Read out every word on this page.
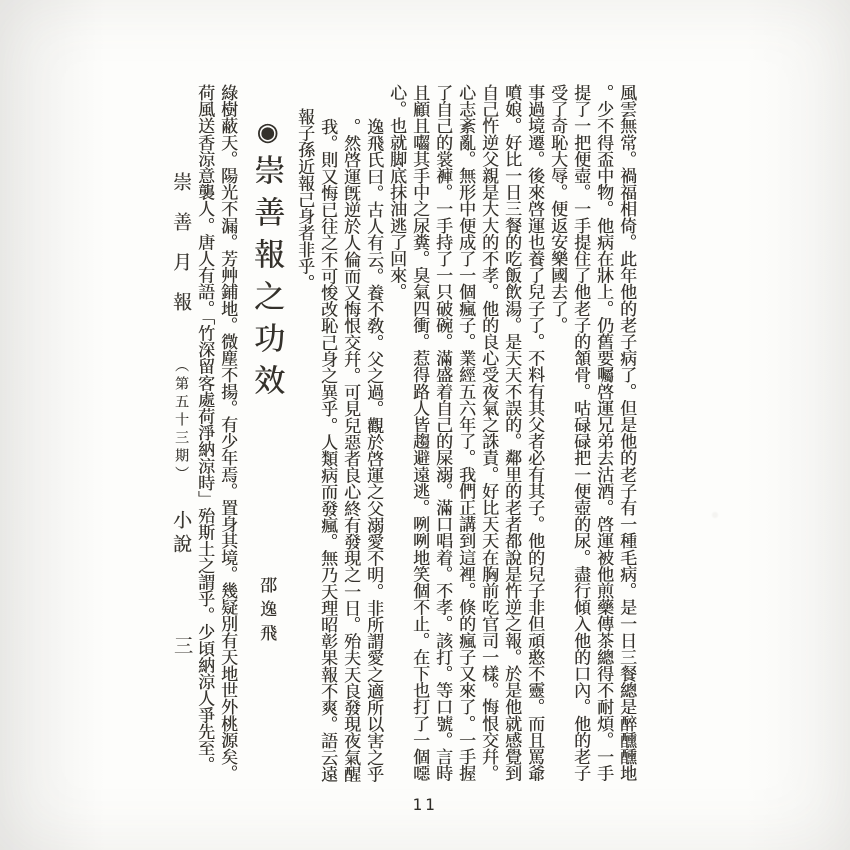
風雲無常。禍福相倚。此年他的老子病了。但是他的老子有一種毛病。是一日三餐總是醉醺醺地
。少不得盃中物。他病在牀上。仍舊要囑啓運兄弟去沽酒。啓運被他煎藥傳茶總得不耐煩。一手
提了一把便壺。一手提住了他老子的頷骨。咕碌碌把一便壺的尿。盡行傾入他的口內。他的老子
受了奇恥大辱。便返安樂國去了。
事過境遷。後來啓運也養了兒子了。不料有其父者必有其子。他的兒子非但頑憨不靈。而且罵爺
噴娘。好比一日三餐的吃飯飲湯。是天天不誤的。鄰里的老者都說是忤逆之報。於是他就感覺到
自己忤逆父親是大大的不孝。他的良心受夜氣之誅責。好比天天在胸前吃官司一樣。悔恨交幷。
心志紊亂。無形中便成了一個瘋子。業經五六年了。我們正講到這裡。倏的瘋子又來了。一手握
了自己的裳褲。一手持了一只破碗。滿盛着自己的屎溺。滿口唱着。不孝。該打。等口號。言時
且顧且囓其手中之尿糞。臭氣四衝。惹得路人皆趨避遠逃。咧咧地笑個不止。在下也打了一個噁
心。也就脚底抹油逃了回來。
逸飛氏曰。古人有云。養不敎。父之過。觀於啓運之父溺愛不明。非所謂愛之適所以害之乎
。然啓運旣逆於人倫而又悔恨交幷。可見兒惡者良心終有發現之一日。殆夫天良發現夜氣醒
我。則又悔已往之不可悛改恥己身之異乎。人類病而發瘋。無乃天理昭彰果報不爽。語云遠
報子孫近報己身者非乎。
◉崇善報之功效 邵逸飛
綠樹蔽天。陽光不漏。芳艸鋪地。微塵不揚。有少年焉。置身其境。幾疑別有天地世外桃源矣。
荷風送香涼意襲人。唐人有語。「竹深留客處荷淨納涼時」殆斯土之謂乎。少頃納涼人爭先至。
崇善月報 （第五十三期） 小說
三
11
